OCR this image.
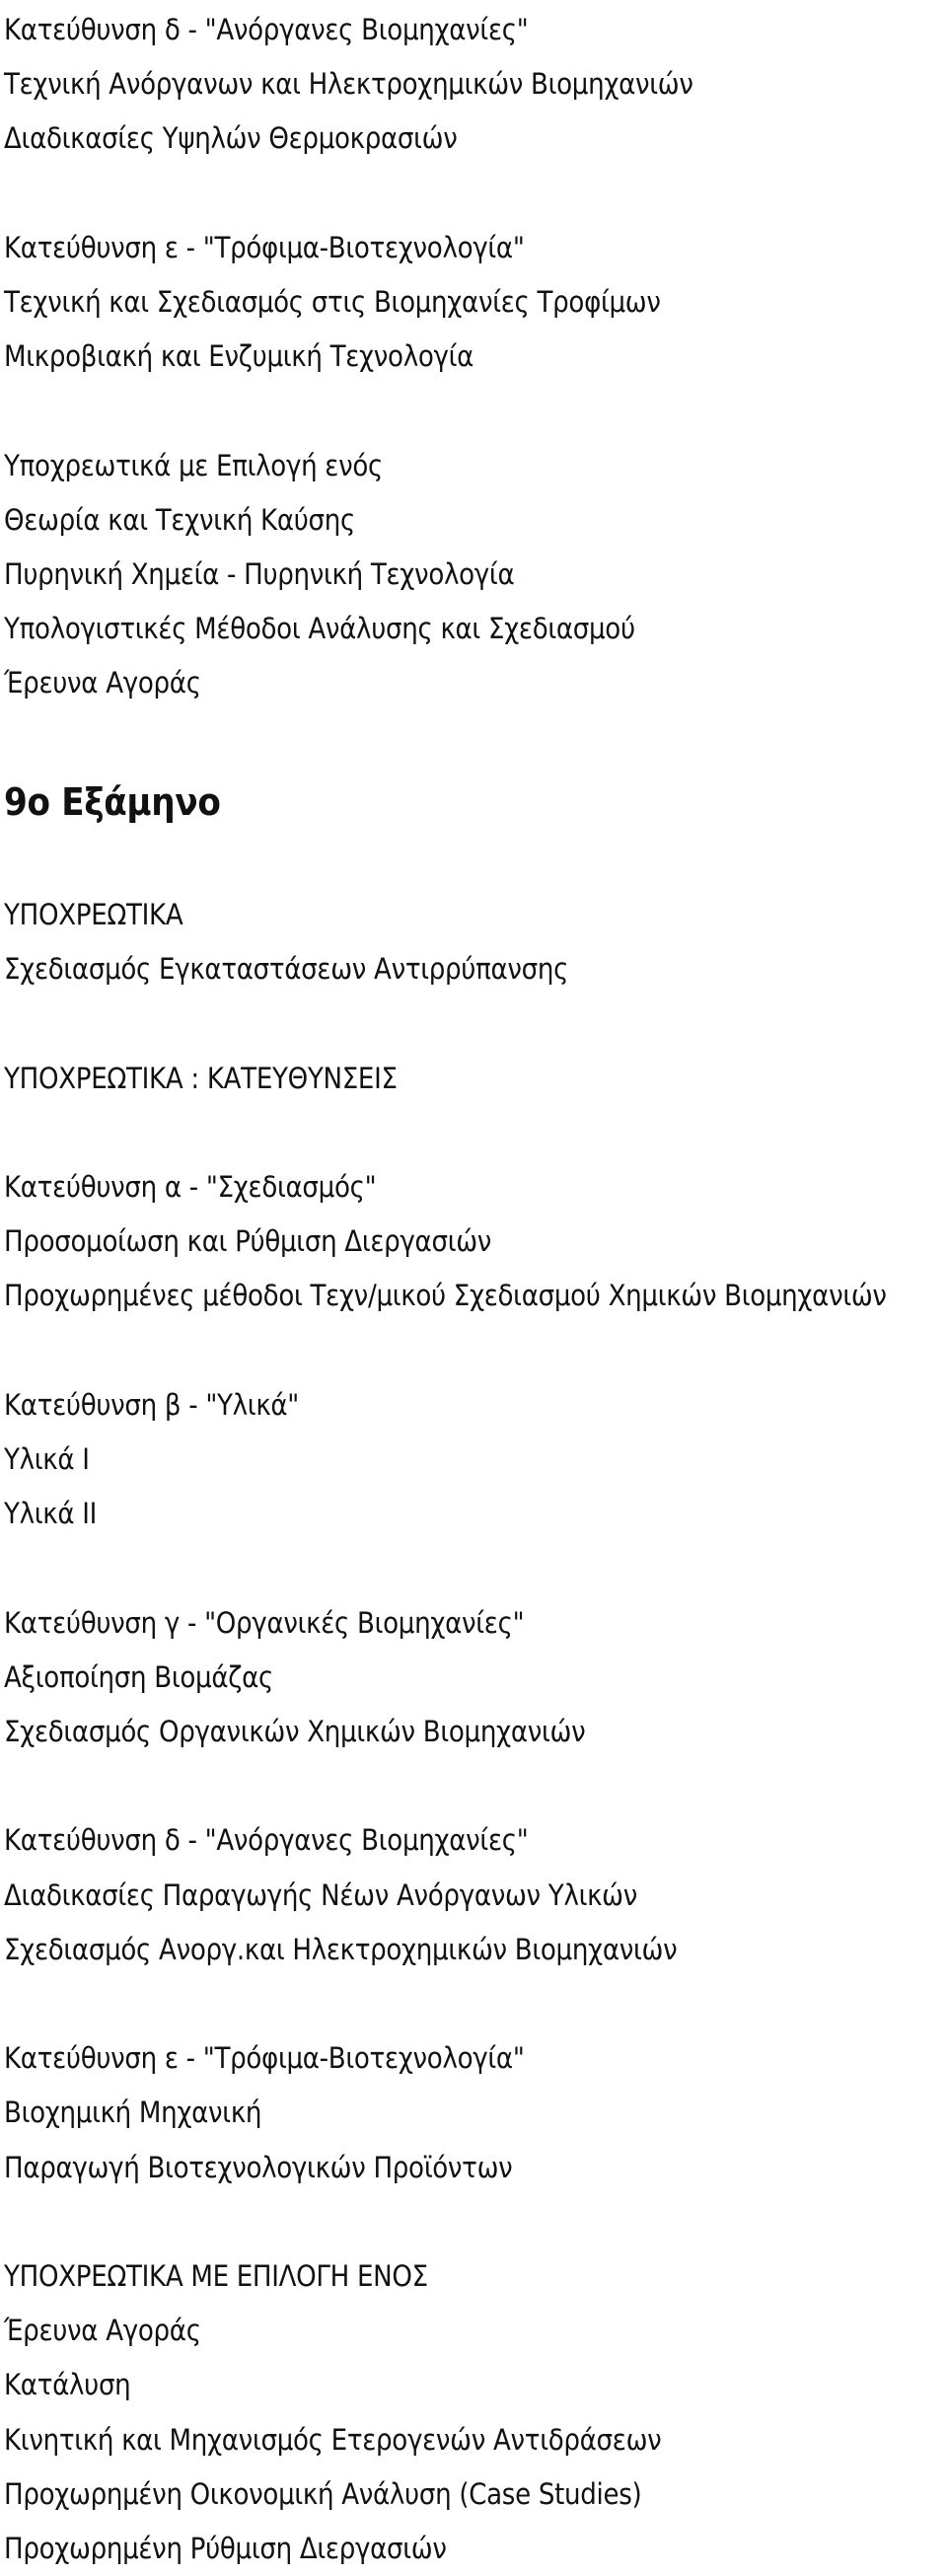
Κατεύθυνση δ - "Ανόργανες Βιομηχανίες"
Τεχνική Ανόργανων και Ηλεκτροχημικών Βιομηχανιών
Διαδικασίες Υψηλών Θερμοκρασιών
Κατεύθυνση ε - "Τρόφιμα-Βιοτεχνολογία"
Τεχνική και Σχεδιασμός στις Βιομηχανίες Τροφίμων
Μικροβιακή και Ενζυμική Τεχνολογία
Υποχρεωτικά με Επιλογή ενός
Θεωρία και Τεχνική Καύσης
Πυρηνική Χημεία - Πυρηνική Τεχνολογία
Υπολογιστικές Μέθοδοι Ανάλυσης και Σχεδιασμού
Έρευνα Αγοράς
9ο Εξάμηνο
ΥΠΟΧΡΕΩΤΙΚΑ
Σχεδιασμός Εγκαταστάσεων Αντιρρύπανσης
ΥΠΟΧΡΕΩΤΙΚΑ : ΚΑΤΕΥΘΥΝΣΕΙΣ
Κατεύθυνση α - "Σχεδιασμός"
Προσομοίωση και Ρύθμιση Διεργασιών
Προχωρημένες μέθοδοι Τεχν/μικού Σχεδιασμού Χημικών Βιομηχανιών
Κατεύθυνση β - "Υλικά"
Υλικά Ι
Υλικά ΙΙ
Κατεύθυνση γ - "Οργανικές Βιομηχανίες"
Αξιοποίηση Βιομάζας
Σχεδιασμός Οργανικών Χημικών Βιομηχανιών
Κατεύθυνση δ - "Ανόργανες Βιομηχανίες"
Διαδικασίες Παραγωγής Νέων Ανόργανων Υλικών
Σχεδιασμός Ανοργ.και Ηλεκτροχημικών Βιομηχανιών
Κατεύθυνση ε - "Τρόφιμα-Βιοτεχνολογία"
Βιοχημική Μηχανική
Παραγωγή Βιοτεχνολογικών Προϊόντων
ΥΠΟΧΡΕΩΤΙΚΑ ΜΕ ΕΠΙΛΟΓΗ ΕΝΟΣ
Έρευνα Αγοράς
Κατάλυση
Κινητική και Μηχανισμός Ετερογενών Αντιδράσεων
Προχωρημένη Οικονομική Ανάλυση (Case Studies)
Προχωρημένη Ρύθμιση Διεργασιών
